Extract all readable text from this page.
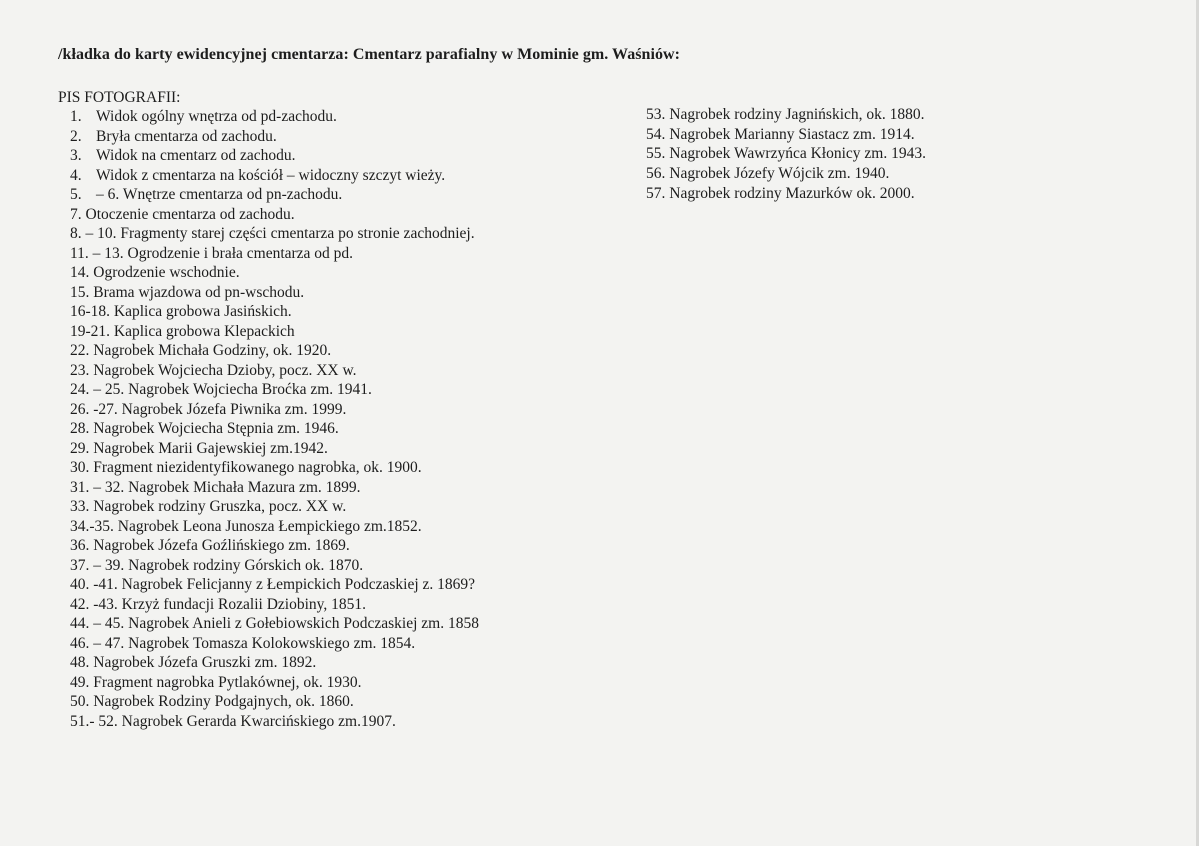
/kładka do karty ewidencyjnej cmentarza: Cmentarz parafialny w Mominie gm. Waśniów:
PIS FOTOGRAFII:
1. Widok ogólny wnętrza od pd-zachodu.
2. Bryła cmentarza od zachodu.
3. Widok na cmentarz od zachodu.
4. Widok z cmentarza na kościół – widoczny szczyt wieży.
5. – 6. Wnętrze cmentarza od pn-zachodu.
7. Otoczenie cmentarza od zachodu.
8. – 10. Fragmenty starej części cmentarza po stronie zachodniej.
11. – 13. Ogrodzenie i brała cmentarza od pd.
14. Ogrodzenie wschodnie.
15. Brama wjazdowa od pn-wschodu.
16-18. Kaplica grobowa Jasińskich.
19-21. Kaplica grobowa Klepackich
22. Nagrobek Michała Godziny, ok. 1920.
23. Nagrobek Wojciecha Dzioby, pocz. XX w.
24. – 25. Nagrobek Wojciecha Brоćka zm. 1941.
26. -27. Nagrobek Józefa Piwnika zm. 1999.
28. Nagrobek Wojciecha Stępnia zm. 1946.
29. Nagrobek Marii Gajewskiej zm.1942.
30. Fragment niezidentyfikowanego nagrobka, ok. 1900.
31. – 32. Nagrobek Michała Mazura zm. 1899.
33. Nagrobek rodziny Gruszka, pocz. XX w.
34.-35. Nagrobek Leona Junosza Łempickiego zm.1852.
36. Nagrobek Józefa Goźlińskiego zm. 1869.
37. – 39. Nagrobek rodziny Górskich ok. 1870.
40. -41. Nagrobek Felicjanny z Łempickich Podczaskiej z. 1869?
42. -43. Krzyż fundacji Rozalii Dziobiny, 1851.
44. – 45. Nagrobek Anieli z Gołebiowskich Podczaskiej zm. 1858
46. – 47. Nagrobek Tomasza Kolokowskiego zm. 1854.
48. Nagrobek Józefa Gruszki zm. 1892.
49. Fragment nagrobka Pytlakównej, ok. 1930.
50. Nagrobek Rodziny Podgajnych, ok. 1860.
51.- 52. Nagrobek Gerarda Kwarcińskiego zm.1907.
53. Nagrobek rodziny Jagnińskich, ok. 1880.
54. Nagrobek Marianny Siastacz zm. 1914.
55. Nagrobek Wawrzyńca Kłonicy zm. 1943.
56. Nagrobek Józefy Wójcik zm. 1940.
57. Nagrobek rodziny Mazurków ok. 2000.
